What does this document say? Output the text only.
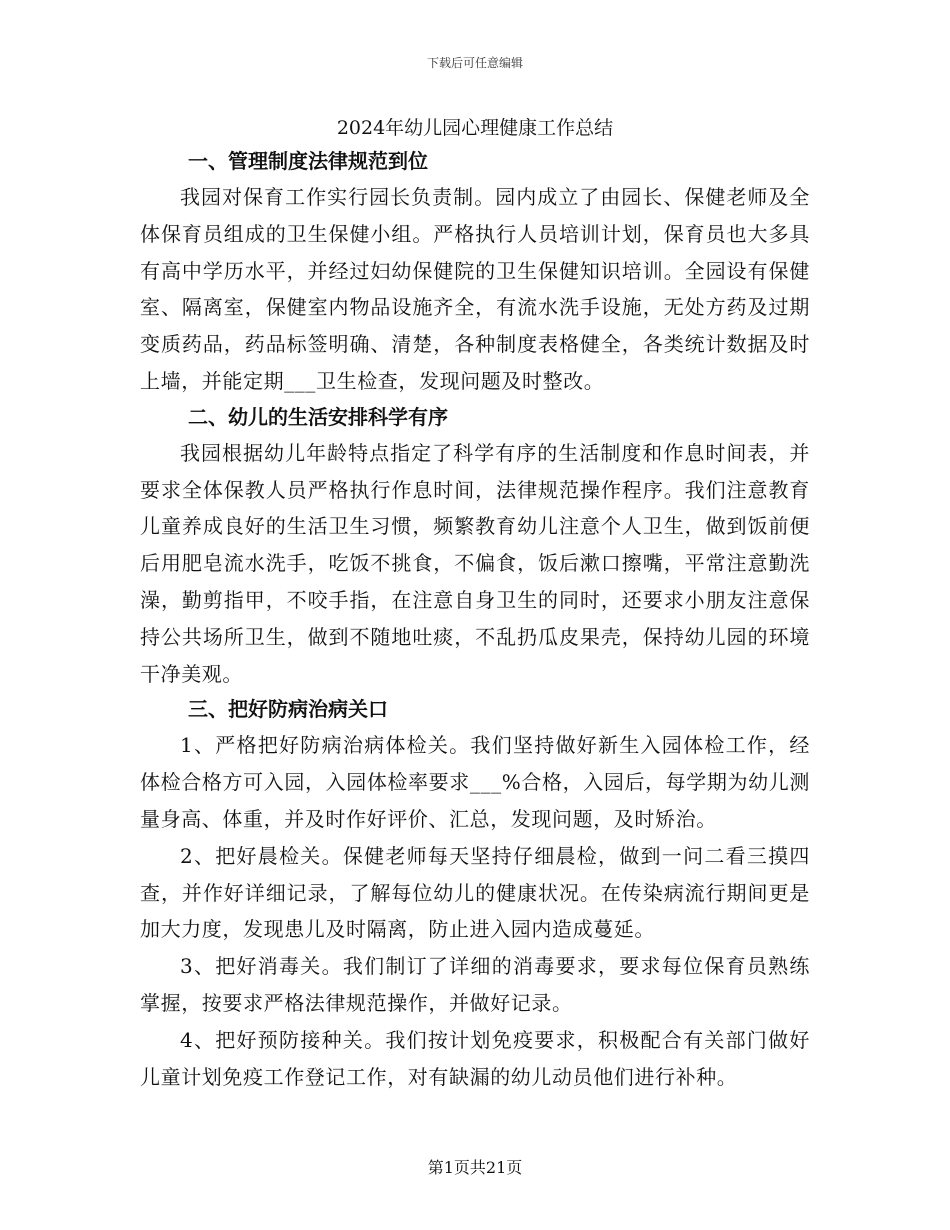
下载后可任意编辑
2024年幼儿园心理健康工作总结
一、管理制度法律规范到位

我园对保育工作实行园长负责制。园内成立了由园长、保健老师及全体保育员组成的卫生保健小组。严格执行人员培训计划，保育员也大多具有高中学历水平，并经过妇幼保健院的卫生保健知识培训。全园设有保健室、隔离室，保健室内物品设施齐全，有流水洗手设施，无处方药及过期变质药品，药品标签明确、清楚，各种制度表格健全，各类统计数据及时上墙，并能定期___卫生检查，发现问题及时整改。

二、幼儿的生活安排科学有序

我园根据幼儿年龄特点指定了科学有序的生活制度和作息时间表，并要求全体保教人员严格执行作息时间，法律规范操作程序。我们注意教育儿童养成良好的生活卫生习惯，频繁教育幼儿注意个人卫生，做到饭前便后用肥皂流水洗手，吃饭不挑食，不偏食，饭后漱口擦嘴，平常注意勤洗澡，勤剪指甲，不咬手指，在注意自身卫生的同时，还要求小朋友注意保持公共场所卫生，做到不随地吐痰，不乱扔瓜皮果壳，保持幼儿园的环境干净美观。

三、把好防病治病关口

1、严格把好防病治病体检关。我们坚持做好新生入园体检工作，经体检合格方可入园，入园体检率要求___%合格，入园后，每学期为幼儿测量身高、体重，并及时作好评价、汇总，发现问题，及时矫治。

2、把好晨检关。保健老师每天坚持仔细晨检，做到一问二看三摸四查，并作好详细记录，了解每位幼儿的健康状况。在传染病流行期间更是加大力度，发现患儿及时隔离，防止进入园内造成蔓延。

3、把好消毒关。我们制订了详细的消毒要求，要求每位保育员熟练掌握，按要求严格法律规范操作，并做好记录。

4、把好预防接种关。我们按计划免疫要求，积极配合有关部门做好儿童计划免疫工作登记工作，对有缺漏的幼儿动员他们进行补种。

第1页共21页
